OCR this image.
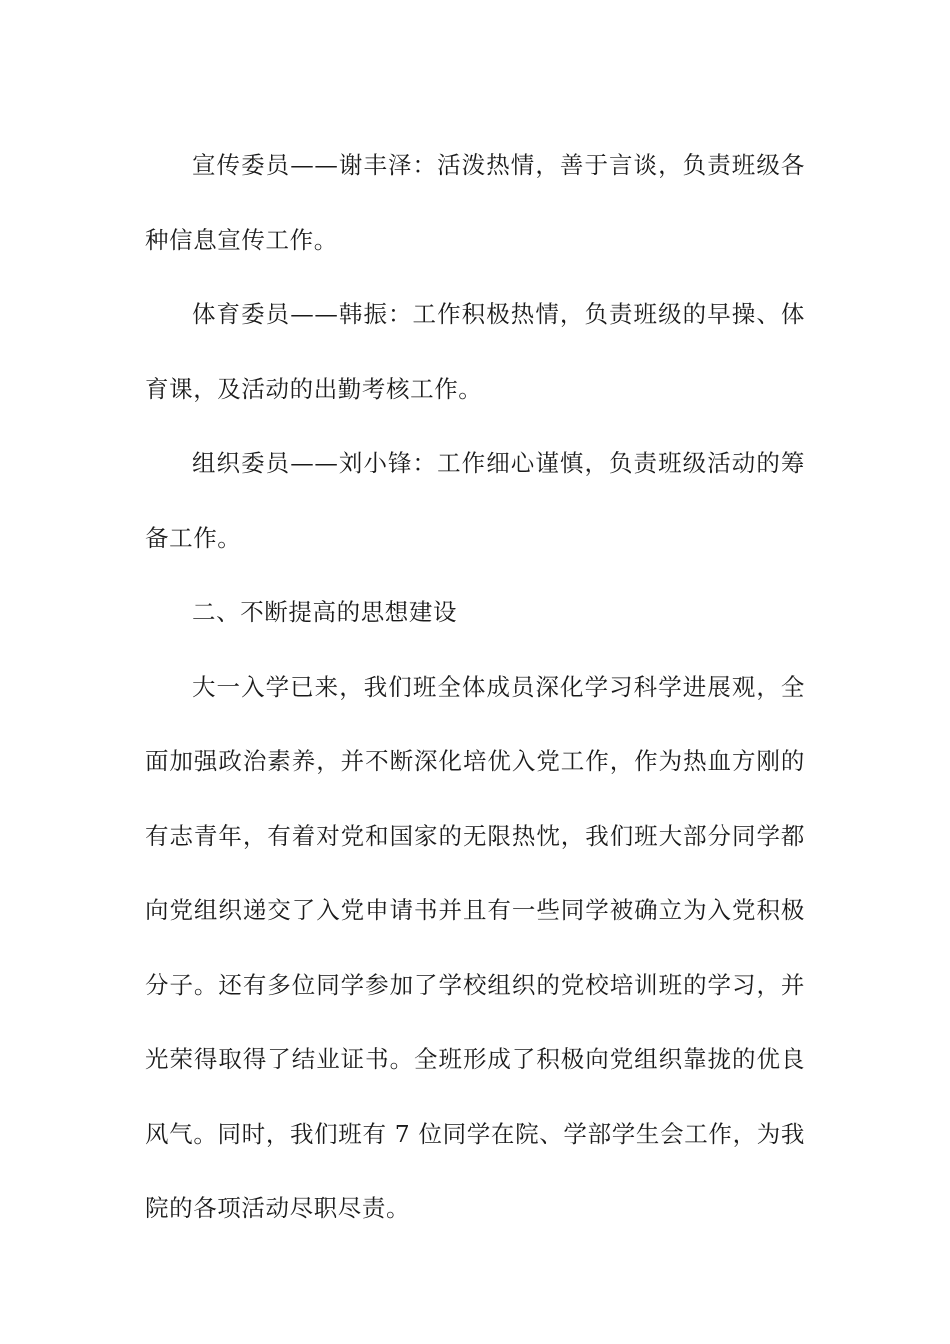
宣传委员——谢丰泽：活泼热情，善于言谈，负责班级各种信息宣传工作。

体育委员——韩振：工作积极热情，负责班级的早操、体育课，及活动的出勤考核工作。

组织委员——刘小锋：工作细心谨慎，负责班级活动的筹备工作。

二、不断提高的思想建设

大一入学已来，我们班全体成员深化学习科学进展观，全面加强政治素养，并不断深化培优入党工作，作为热血方刚的有志青年，有着对党和国家的无限热忱，我们班大部分同学都向党组织递交了入党申请书并且有一些同学被确立为入党积极分子。还有多位同学参加了学校组织的党校培训班的学习，并光荣得取得了结业证书。全班形成了积极向党组织靠拢的优良风气。同时，我们班有 7 位同学在院、学部学生会工作，为我院的各项活动尽职尽责。
